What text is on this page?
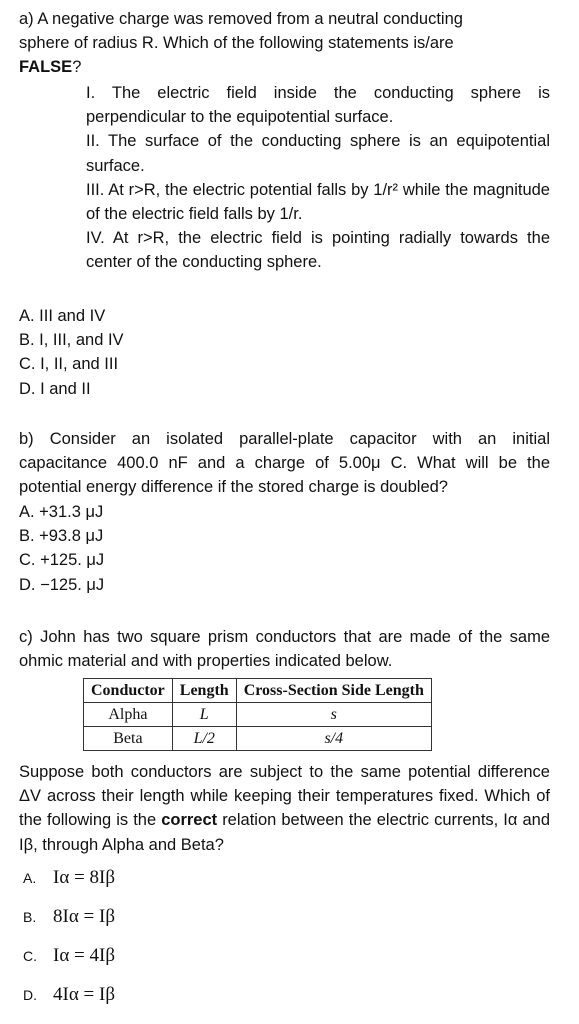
a) A negative charge was removed from a neutral conducting
sphere of radius R. Which of the following statements is/are
FALSE?
I. The electric field inside the conducting sphere is perpendicular to the equipotential surface.
II. The surface of the conducting sphere is an equipotential surface.
III. At r>R, the electric potential falls by 1/r² while the magnitude of the electric field falls by 1/r.
IV. At r>R, the electric field is pointing radially towards the center of the conducting sphere.
A. III and IV
B. I, III, and IV
C. I, II, and III
D. I and II
b) Consider an isolated parallel-plate capacitor with an initial capacitance 400.0 nF and a charge of 5.00μ C. What will be the potential energy difference if the stored charge is doubled?
A. +31.3 μJ
B. +93.8 μJ
C. +125. μJ
D. −125. μJ
c) John has two square prism conductors that are made of the same ohmic material and with properties indicated below.
Conductor	Length	Cross-Section Side Length
Alpha	L	s
Beta	L/2	s/4
Suppose both conductors are subject to the same potential difference ΔV across their length while keeping their temperatures fixed. Which of the following is the correct relation between the electric currents, Iα and Iβ, through Alpha and Beta?
A. Iα = 8Iβ
B. 8Iα = Iβ
C. Iα = 4Iβ
D. 4Iα = Iβ
